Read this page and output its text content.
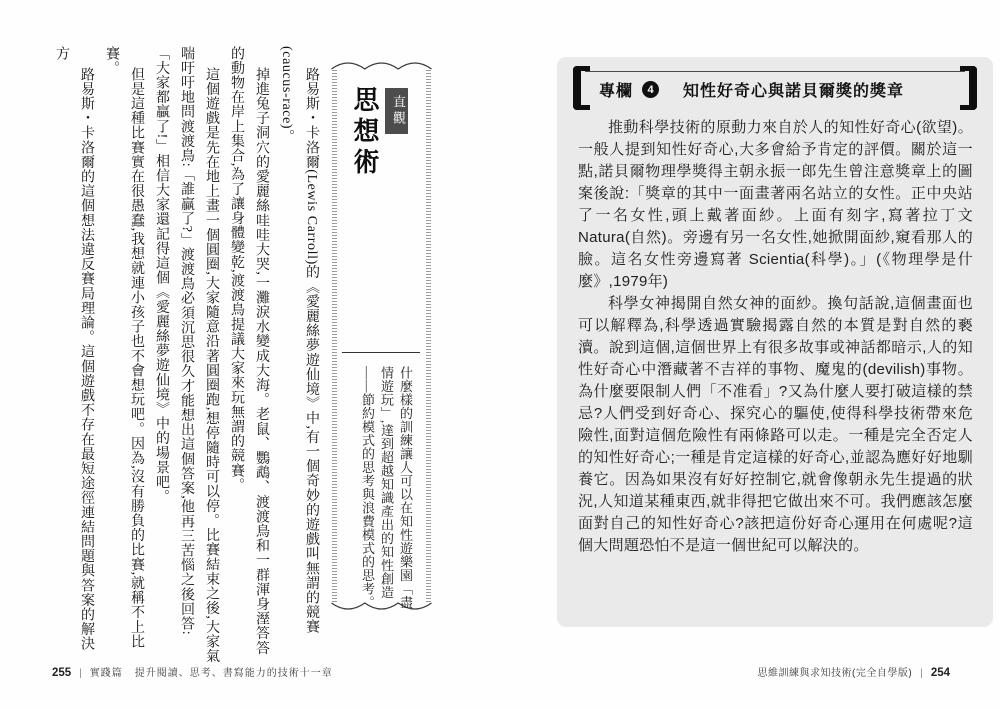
直觀
思想術
什麼樣的訓練讓人可以在知性遊樂園「盡情遊玩」,達到超越知識產出的知性創造——節約模式的思考與浪費模式的思考。

路易斯・卡洛爾(Lewis Carroll)的《愛麗絲夢遊仙境》中,有一個奇妙的遊戲叫無謂的競賽(caucus-race)。

掉進兔子洞穴的愛麗絲哇哇大哭,一灘淚水變成大海。老鼠、鸚鵡、渡渡鳥和一群渾身溼答答的動物在岸上集合,為了讓身體變乾,渡渡鳥提議大家來玩無謂的競賽。

這個遊戲是先在地上畫一個圓圈,大家隨意沿著圓圈跑,想停隨時可以停。比賽結束之後,大家氣喘吁吁地問渡渡鳥:「誰贏了?」渡渡鳥必須沉思很久才能想出這個答案,他再三苦惱之後回答:「大家都贏了!」相信大家還記得這個《愛麗絲夢遊仙境》中的場景吧。

但是這種比賽實在很愚蠢,我想就連小孩子也不會想玩吧。因為,沒有勝負的比賽,就稱不上比賽。

路易斯・卡洛爾的這個想法違反賽局理論。這個遊戲不存在最短途徑連結問題與答案的解決方

255 | 實踐篇 提升閱讀、思考、書寫能力的技術十一章
專欄	4	知性好奇心與諾貝爾獎的獎章

推動科學技術的原動力來自於人的知性好奇心(欲望)。一般人提到知性好奇心,大多會給予肯定的評價。關於這一點,諾貝爾物理學獎得主朝永振一郎先生曾注意獎章上的圖案後說:「獎章的其中一面畫著兩名站立的女性。正中央站了一名女性,頭上戴著面紗。上面有刻字,寫著拉丁文Natura(自然)。旁邊有另一名女性,她掀開面紗,窺看那人的臉。這名女性旁邊寫著 Scientia(科學)。」(《物理學是什麼》,1979年)

科學女神揭開自然女神的面紗。換句話說,這個畫面也可以解釋為,科學透過實驗揭露自然的本質是對自然的褻瀆。說到這個,這個世界上有很多故事或神話都暗示,人的知性好奇心中潛藏著不吉祥的事物、魔鬼的(devilish)事物。為什麼要限制人們「不准看」?又為什麼人要打破這樣的禁忌?人們受到好奇心、探究心的驅使,使得科學技術帶來危險性,面對這個危險性有兩條路可以走。一種是完全否定人的知性好奇心;一種是肯定這樣的好奇心,並認為應好好地馴養它。因為如果沒有好好控制它,就會像朝永先生提過的狀況,人知道某種東西,就非得把它做出來不可。我們應該怎麼面對自己的知性好奇心?該把這份好奇心運用在何處呢?這個大問題恐怕不是這一個世紀可以解決的。

思維訓練與求知技術(完全自學版) | 254
